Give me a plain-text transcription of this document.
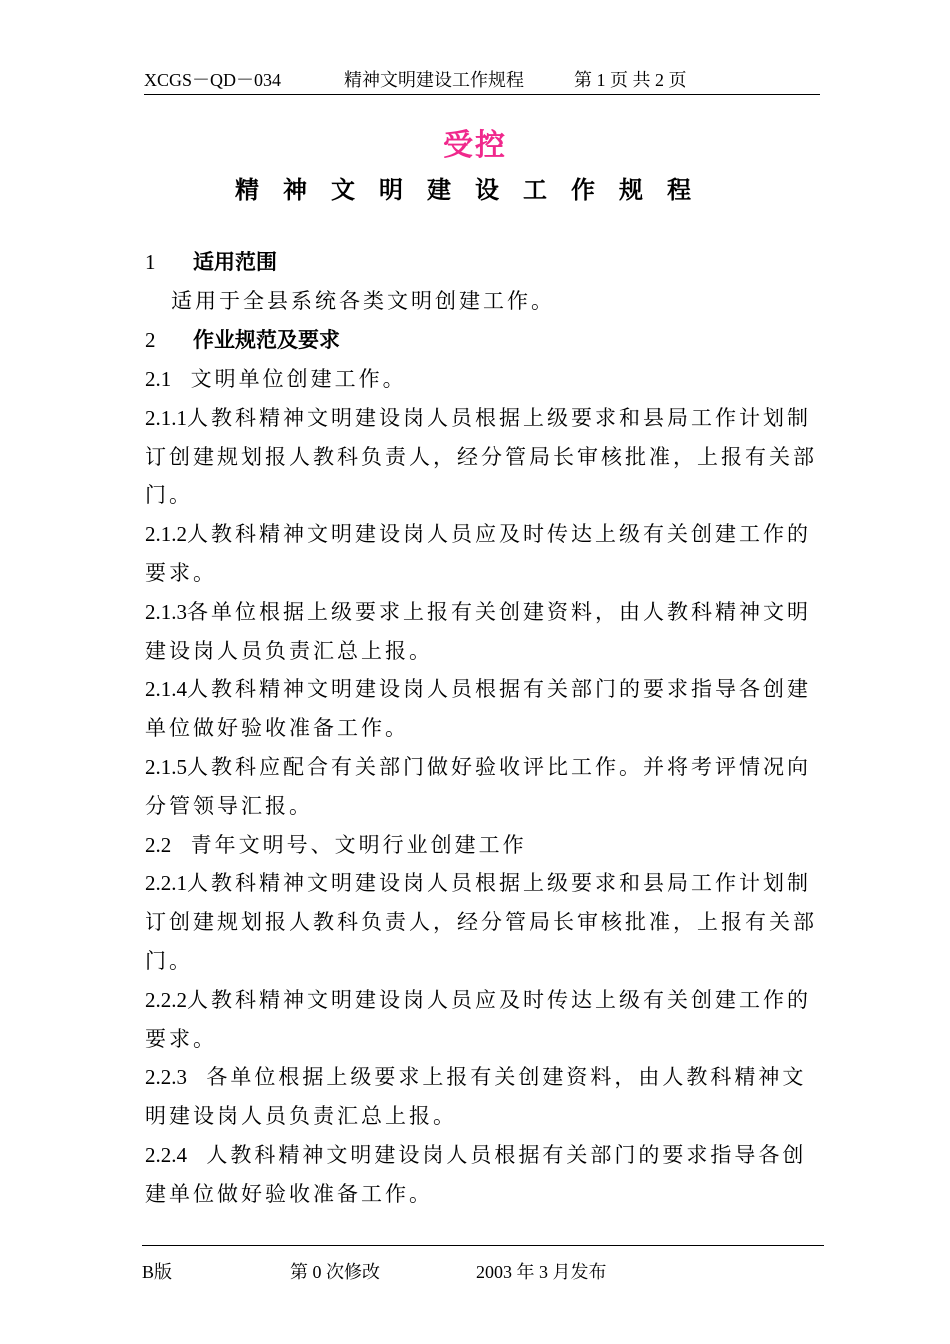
XCGS－QD－034	精神文明建设工作规程	第 1 页 共 2 页
受控
精神文明建设工作规程
1 适用范围
适用于全县系统各类文明创建工作。
2 作业规范及要求
2.1  文明单位创建工作。
2.1.1人教科精神文明建设岗人员根据上级要求和县局工作计划制
订创建规划报人教科负责人，经分管局长审核批准，上报有关部
门。
2.1.2人教科精神文明建设岗人员应及时传达上级有关创建工作的
要求。
2.1.3各单位根据上级要求上报有关创建资料，由人教科精神文明
建设岗人员负责汇总上报。
2.1.4人教科精神文明建设岗人员根据有关部门的要求指导各创建
单位做好验收准备工作。
2.1.5人教科应配合有关部门做好验收评比工作。并将考评情况向
分管领导汇报。
2.2  青年文明号、文明行业创建工作
2.2.1人教科精神文明建设岗人员根据上级要求和县局工作计划制
订创建规划报人教科负责人，经分管局长审核批准，上报有关部
门。
2.2.2人教科精神文明建设岗人员应及时传达上级有关创建工作的
要求。
2.2.3  各单位根据上级要求上报有关创建资料，由人教科精神文
明建设岗人员负责汇总上报。
2.2.4  人教科精神文明建设岗人员根据有关部门的要求指导各创
建单位做好验收准备工作。
B版	第 0 次修改	2003 年 3 月发布
